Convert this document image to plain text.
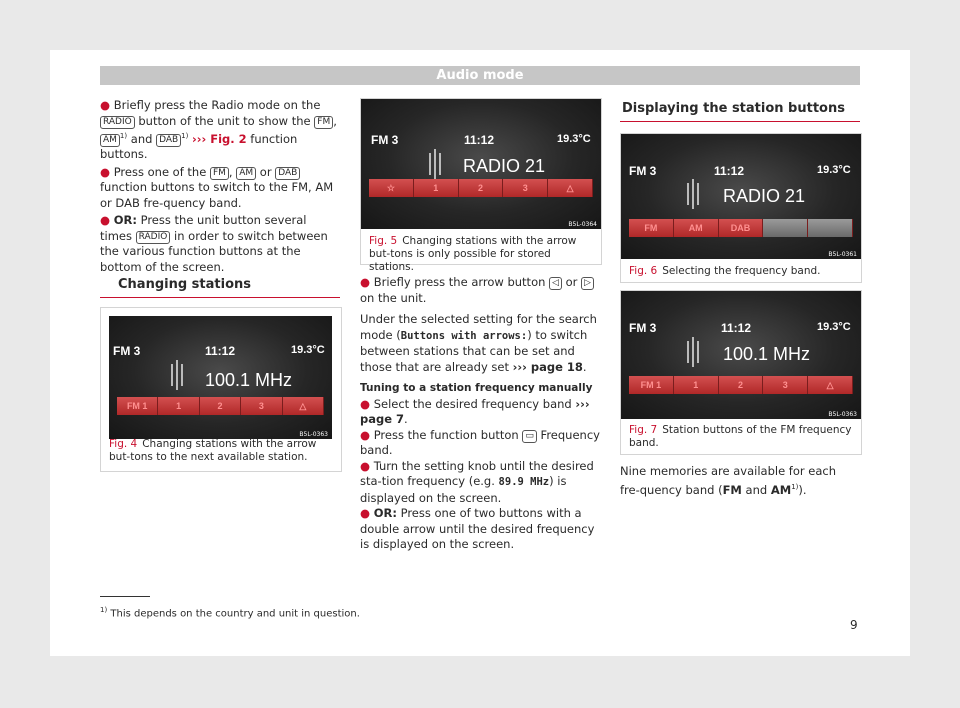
Audio mode

● Briefly press the Radio mode on the RADIO button of the unit to show the FM , AM $^{1)}$ and DAB $^{1)}$ ››› Fig. 2 function buttons.

● Press one of the FM , AM or DAB function buttons to switch to the FM, AM or DAB fre-quency band.

● OR: Press the unit button several times RADIO in order to switch between the various function buttons at the bottom of the screen.

Changing stations
FM 3	11:12	19.3°C
100.1 MHz
FM 1	1	2	3	△
B5L-0363
Fig. 4 Changing stations with the arrow but-tons to the next available station.
FM 3	11:12	19.3°C
RADIO 21
☆	1	2	3	△
B5L-0364
Fig. 5 Changing stations with the arrow but-tons is only possible for stored stations.

● Briefly press the arrow button ◁ or ▷ on the unit.

Under the selected setting for the search mode (Buttons with arrows:) to switch between stations that can be set and those that are already set ››› page 18.

Tuning to a station frequency manually

● Select the desired frequency band ››› page 7.

● Press the function button ▭ Frequency band.

● Turn the setting knob until the desired sta-tion frequency (e.g. 89.9 MHz) is displayed on the screen.

● OR: Press one of two buttons with a double arrow until the desired frequency is displayed on the screen.

Displaying the station buttons
FM 3	11:12	19.3°C
RADIO 21
FM	AM	DAB
B5L-0361
Fig. 6 Selecting the frequency band.
FM 3	11:12	19.3°C
100.1 MHz
FM 1	1	2	3	△
B5L-0363
Fig. 7 Station buttons of the FM frequency band.
Nine memories are available for each fre-quency band (FM and AM$^{1)}$).
$^{1)}$ This depends on the country and unit in question.
9
